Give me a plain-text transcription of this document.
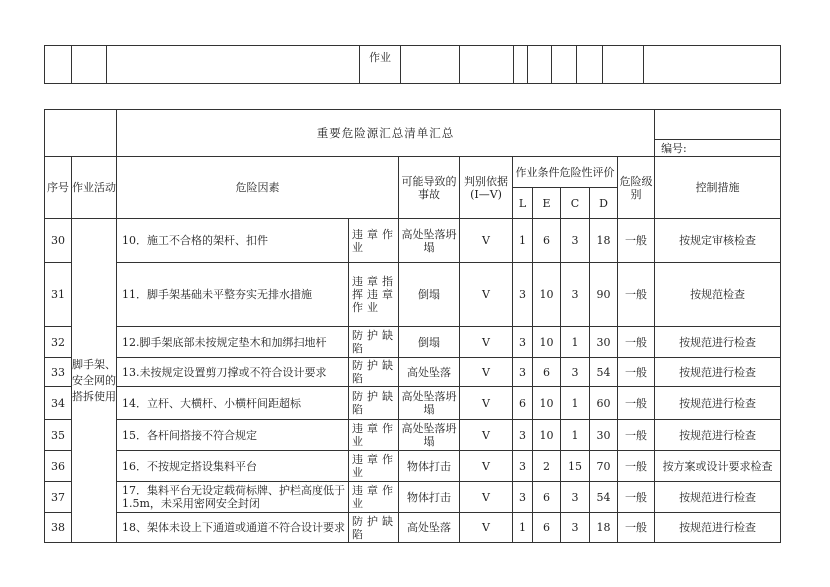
			作业								
		重要危险源汇总清单汇总									
											编号:
序号	作业活动	危险因素		可能导致的事故	判别依据(I—V)	作业条件危险性评价				危险级别	控制措施
						L	E	C	D		
30	脚手架、安全网的搭拆使用	10．施工不合格的架杆、扣件	违章作业	高处坠落坍塌	V	1	6	3	18	一般	按规定审核检查
31		11．脚手架基础未平整夯实无排水措施	违章指挥违章作业	倒塌	V	3	10	3	90	一般	按规范检查
32		12.脚手架底部未按规定垫木和加绑扫地杆	防护缺陷	倒塌	V	3	10	1	30	一般	按规范进行检查
33		13.未按规定设置剪刀撑或不符合设计要求	防护缺陷	高处坠落	V	3	6	3	54	一般	按规范进行检查
34		14．立杆、大横杆、小横杆间距超标	防护缺陷	高处坠落坍塌	V	6	10	1	60	一般	按规范进行检查
35		15．各杆间搭接不符合规定	违章作业	高处坠落坍塌	V	3	10	1	30	一般	按规范进行检查
36		16．不按规定搭设集料平台	违章作业	物体打击	V	3	2	15	70	一般	按方案或设计要求检查
37		17．集料平台无设定载荷标牌、护栏高度低于1.5m，未采用密网安全封闭	违章作业	物体打击	V	3	6	3	54	一般	按规范进行检查
38		18、架体未设上下通道或通道不符合设计要求	防护缺陷	高处坠落	V	1	6	3	18	一般	按规范进行检查
